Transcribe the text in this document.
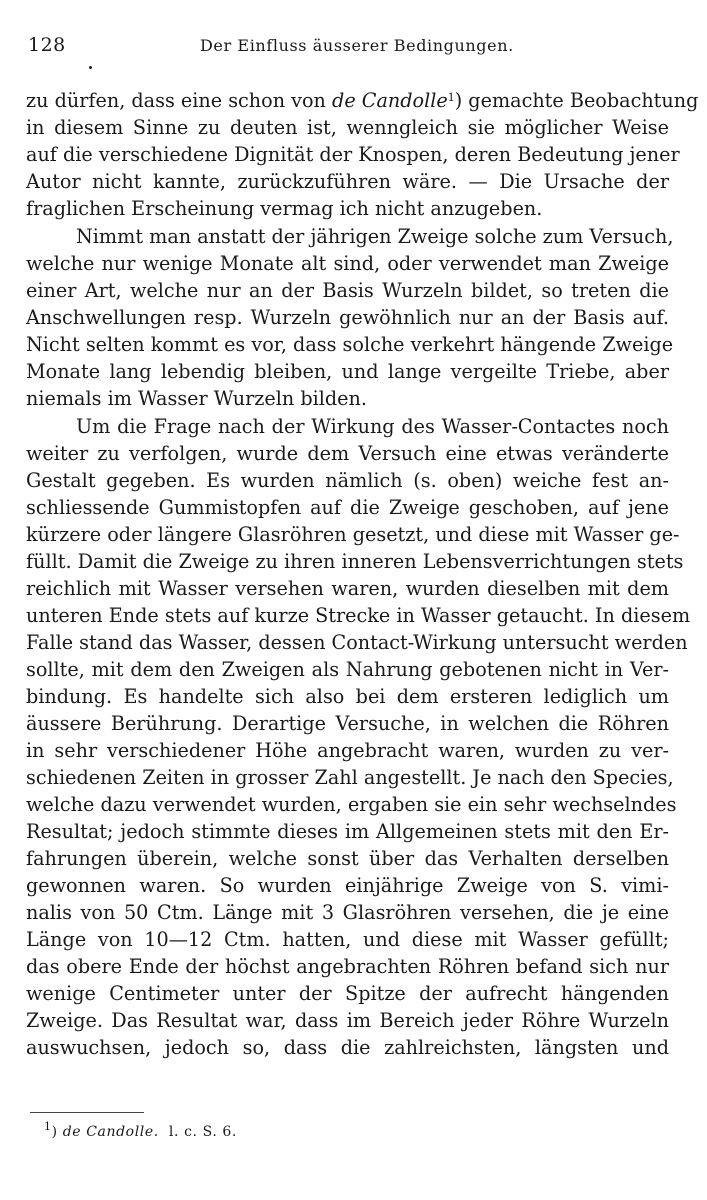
128	Der Einfluss äusserer Bedingungen.
zu dürfen, dass eine schon von de Candolle$^1$) gemachte Beobachtung
in diesem Sinne zu deuten ist, wenngleich sie möglicher Weise
auf die verschiedene Dignität der Knospen, deren Bedeutung jener
Autor nicht kannte, zurückzuführen wäre. — Die Ursache der
fraglichen Erscheinung vermag ich nicht anzugeben.
Nimmt man anstatt der jährigen Zweige solche zum Versuch,
welche nur wenige Monate alt sind, oder verwendet man Zweige
einer Art, welche nur an der Basis Wurzeln bildet, so treten die
Anschwellungen resp. Wurzeln gewöhnlich nur an der Basis auf.
Nicht selten kommt es vor, dass solche verkehrt hängende Zweige
Monate lang lebendig bleiben, und lange vergeilte Triebe, aber
niemals im Wasser Wurzeln bilden.
Um die Frage nach der Wirkung des Wasser-Contactes noch
weiter zu verfolgen, wurde dem Versuch eine etwas veränderte
Gestalt gegeben. Es wurden nämlich (s. oben) weiche fest an-
schliessende Gummistopfen auf die Zweige geschoben, auf jene
kürzere oder längere Glasröhren gesetzt, und diese mit Wasser ge-
füllt. Damit die Zweige zu ihren inneren Lebensverrichtungen stets
reichlich mit Wasser versehen waren, wurden dieselben mit dem
unteren Ende stets auf kurze Strecke in Wasser getaucht. In diesem
Falle stand das Wasser, dessen Contact-Wirkung untersucht werden
sollte, mit dem den Zweigen als Nahrung gebotenen nicht in Ver-
bindung. Es handelte sich also bei dem ersteren lediglich um
äussere Berührung. Derartige Versuche, in welchen die Röhren
in sehr verschiedener Höhe angebracht waren, wurden zu ver-
schiedenen Zeiten in grosser Zahl angestellt. Je nach den Species,
welche dazu verwendet wurden, ergaben sie ein sehr wechselndes
Resultat; jedoch stimmte dieses im Allgemeinen stets mit den Er-
fahrungen überein, welche sonst über das Verhalten derselben
gewonnen waren. So wurden einjährige Zweige von S. vimi-
nalis von 50 Ctm. Länge mit 3 Glasröhren versehen, die je eine
Länge von 10—12 Ctm. hatten, und diese mit Wasser gefüllt;
das obere Ende der höchst angebrachten Röhren befand sich nur
wenige Centimeter unter der Spitze der aufrecht hängenden
Zweige. Das Resultat war, dass im Bereich jeder Röhre Wurzeln
auswuchsen, jedoch so, dass die zahlreichsten, längsten und
$^1$) de Candolle. l. c. S. 6.
